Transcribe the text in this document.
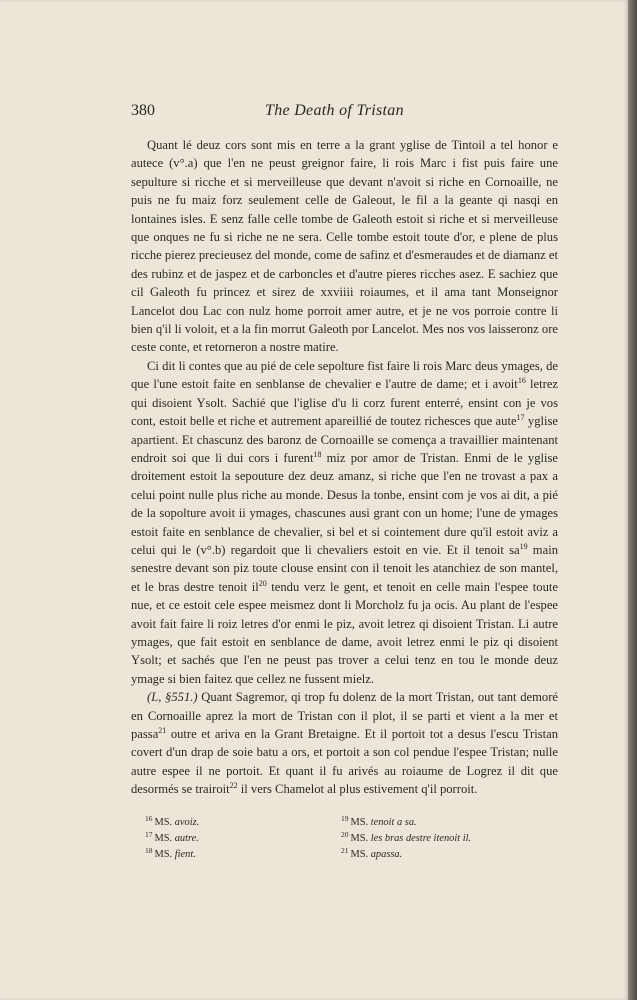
380	The Death of Tristan

Quant lé deuz cors sont mis en terre a la grant yglise de Tintoil a tel honor e autece (v°.a) que l'en ne peust greignor faire, li rois Marc i fist puis faire une sepulture si ricche et si merveilleuse que devant n'avoit si riche en Cornoaille, ne puis ne fu maiz forz seulement celle de Galeout, le fil a la geante qi nasqi en lontaines isles. E senz falle celle tombe de Galeoth estoit si riche et si merveilleuse que onques ne fu si riche ne ne sera. Celle tombe estoit toute d'or, e plene de plus ricche pierez precieusez del monde, come de safinz et d'esmeraudes et de diamanz et des rubinz et de jaspez et de carboncles et d'autre pieres ricches asez. E sachiez que cil Galeoth fu princez et sirez de xxviiii roiaumes, et il ama tant Monseignor Lancelot dou Lac con nulz home porroit amer autre, et je ne vos porroie contre li bien q'il li voloit, et a la fin morrut Galeoth por Lancelot. Mes nos vos laisseronz ore ceste conte, et retorneron a nostre matire.

Ci dit li contes que au pié de cele sepolture fist faire li rois Marc deus ymages, de que l'une estoit faite en senblanse de chevalier e l'autre de dame; et i avoit$^{16}$ letrez qui disoient Ysolt. Sachié que l'iglise d'u li corz furent enterré, ensint con je vos cont, estoit belle et riche et autrement apareillié de toutez richesces que aute$^{17}$ yglise apartient. Et chascunz des baronz de Cornoaille se començа a travaillier maintenant endroit soi que li dui cors i furent$^{18}$ miz por amor de Tristan. Enmi de le yglise droitement estoit la sepouture dez deuz amanz, si riche que l'en ne trovast a pax a celui point nulle plus riche au monde. Desus la tonbe, ensint com je vos ai dit, a pié de la sopolture avoit ii ymages, chascunes ausi grant con un home; l'une de ymages estoit faite en senblance de chevalier, si bel et si cointement dure qu'il estoit aviz a celui qui le (v°.b) regardoit que li chevaliers estoit en vie. Et il tenoit $sa^{19}$ main senestre devant son piz toute clouse ensint con il tenoit les atanchiez de son mantel, et le bras destre tenoit $il^{20}$ tendu verz le gent, et tenoit en celle main l'espee toute nue, et ce estoit cele espee meismez dont li Morcholz fu ja ocis. Au plant de l'espee avoit fait faire li roiz letres d'or enmi le piz, avoit letrez qi disoient Tristan. Li autre ymages, que fait estoit en senblance de dame, avoit letrez enmi le piz qi disoient Ysolt; et sachés que l'en ne peust pas trover a celui tenz en tou le monde deuz ymage si bien faitez que cellez ne fussent mielz.

(L, §551.) Quant Sagremor, qi trop fu dolenz de la mort Tristan, out tant demoré en Cornoaille aprez la mort de Tristan con il plot, il se parti et vient a la mer et passa$^{21}$ outre et ariva en la Grant Bretaigne. Et il portoit tot a desus l'escu Tristan covert d'un drap de soie batu a ors, et portoit a son col pendue l'espee Tristan; nulle autre espee il ne portoit. Et quant il fu arivés au roiaume de Logrez il dit que desormés se trairoit$^{22}$ il vers Chamelot al plus estivement q'il porroit.

$^{16}$ MS. avoiz.
$^{17}$ MS. autre.
$^{18}$ MS. fient.
$^{19}$ MS. tenoit a sa.
$^{20}$ MS. les bras destre itenoit il.
$^{21}$ MS. apassa.
